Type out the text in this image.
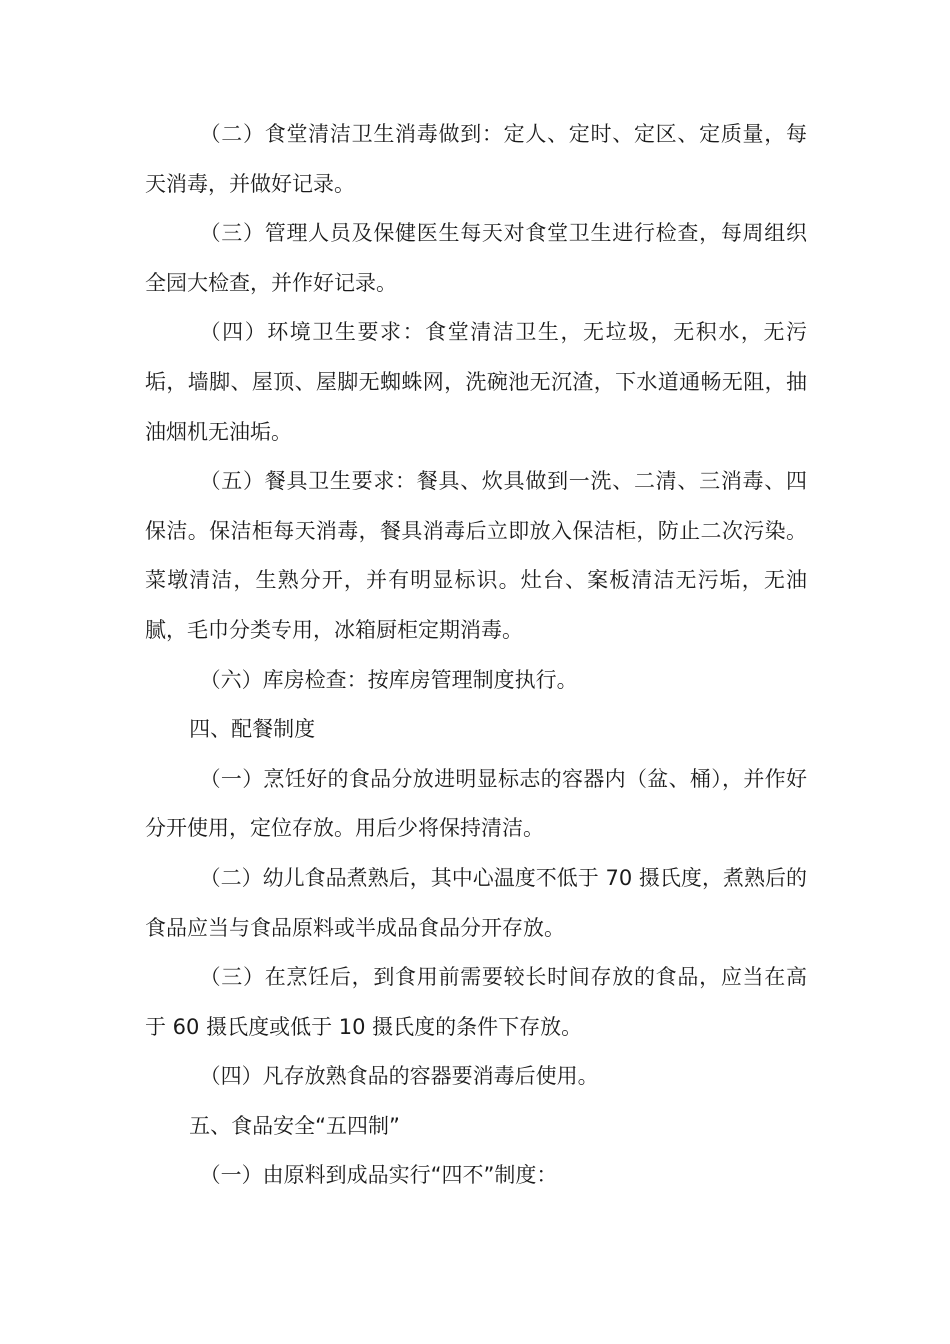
（二）食堂清洁卫生消毒做到：定人、定时、定区、定质量，每天消毒，并做好记录。

（三）管理人员及保健医生每天对食堂卫生进行检查，每周组织全园大检查，并作好记录。

（四）环境卫生要求：食堂清洁卫生，无垃圾，无积水，无污垢，墙脚、屋顶、屋脚无蜘蛛网，洗碗池无沉渣，下水道通畅无阻，抽油烟机无油垢。

（五）餐具卫生要求：餐具、炊具做到一洗、二清、三消毒、四保洁。保洁柜每天消毒，餐具消毒后立即放入保洁柜，防止二次污染。菜墩清洁，生熟分开，并有明显标识。灶台、案板清洁无污垢，无油腻，毛巾分类专用，冰箱厨柜定期消毒。

（六）库房检查：按库房管理制度执行。

四、配餐制度

（一）烹饪好的食品分放进明显标志的容器内（盆、桶），并作好分开使用，定位存放。用后少将保持清洁。

（二）幼儿食品煮熟后，其中心温度不低于 70 摄氏度，煮熟后的食品应当与食品原料或半成品食品分开存放。

（三）在烹饪后，到食用前需要较长时间存放的食品，应当在高于 60 摄氏度或低于 10 摄氏度的条件下存放。

（四）凡存放熟食品的容器要消毒后使用。

五、食品安全“五四制”

（一）由原料到成品实行“四不”制度：
